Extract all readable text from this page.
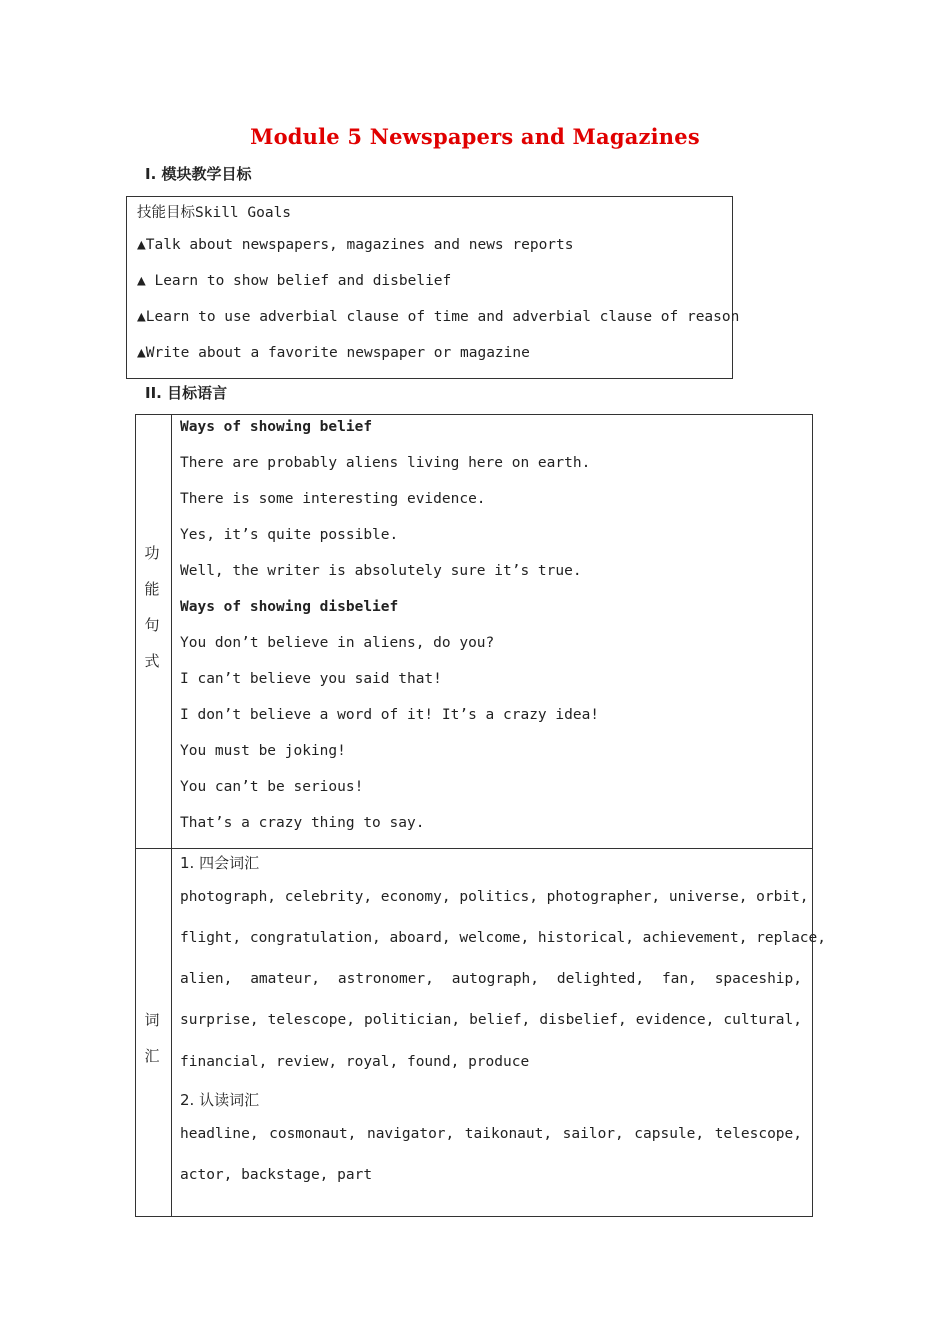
Module 5 Newspapers and Magazines
I. 模块教学目标
技能目标Skill Goals
▲Talk about newspapers, magazines and news reports
▲ Learn to show belief and disbelief
▲Learn to use adverbial clause of time and adverbial clause of reason
▲Write about a favorite newspaper or magazine
II. 目标语言
功
能
句
式
Ways of showing belief
There are probably aliens living here on earth.
There is some interesting evidence.
Yes, it’s quite possible.
Well, the writer is absolutely sure it’s true.
Ways of showing disbelief
You don’t believe in aliens, do you?
I can’t believe you said that!
I don’t believe a word of it! It’s a crazy idea!
You must be joking!
You can’t be serious!
That’s a crazy thing to say.
词
汇
1. 四会词汇
photograph, celebrity, economy, politics, photographer, universe, orbit,
flight, congratulation, aboard, welcome, historical, achievement, replace,
alien, amateur, astronomer, autograph, delighted, fan, spaceship,
surprise, telescope, politician, belief, disbelief, evidence, cultural,
financial, review, royal, found, produce
2. 认读词汇
headline, cosmonaut, navigator, taikonaut, sailor, capsule, telescope,
actor, backstage, part
